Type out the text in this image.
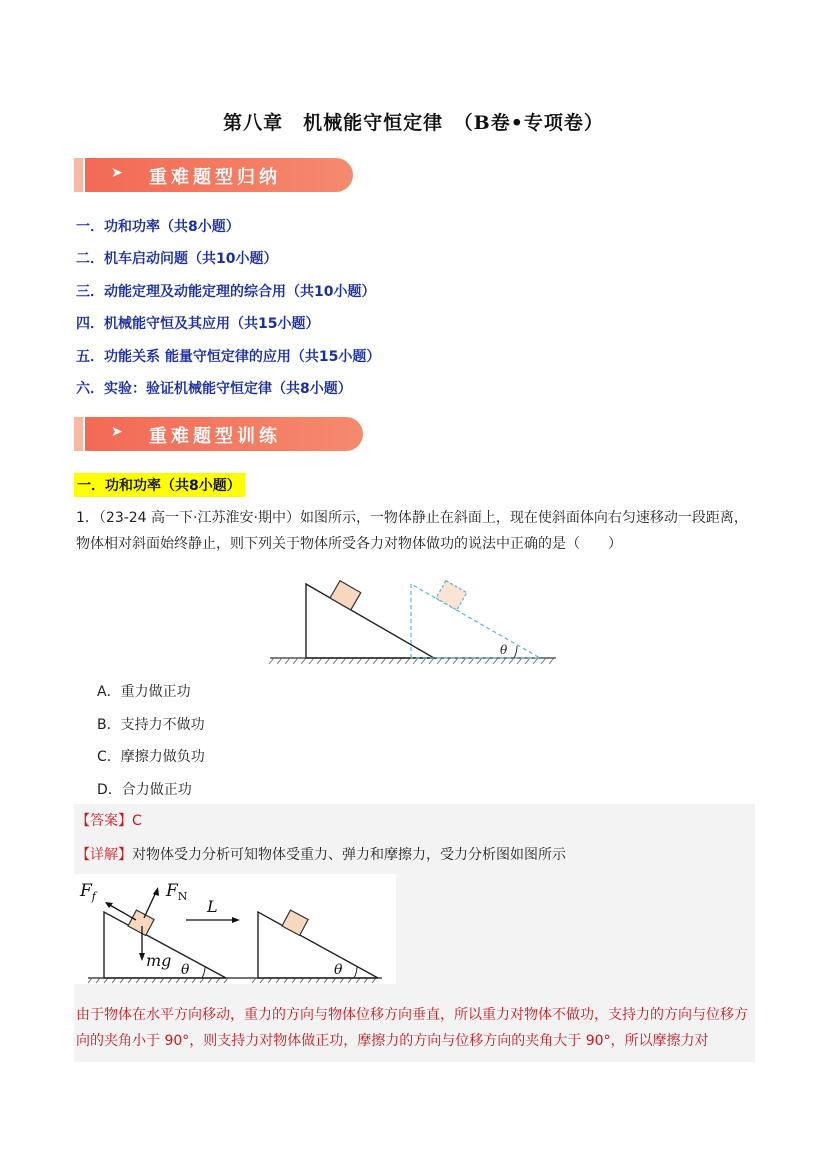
第八章　机械能守恒定律　（B卷•专项卷）
➤ 重难题型归纳
一．功和功率（共8小题）
二．机车启动问题（共10小题）
三．动能定理及动能定理的综合用（共10小题）
四．机械能守恒及其应用（共15小题）
五．功能关系 能量守恒定律的应用（共15小题）
六．实验：验证机械能守恒定律（共8小题）
➤ 重难题型训练
一．功和功率（共8小题）
1．（23-24 高一下·江苏淮安·期中）如图所示，一物体静止在斜面上，现在使斜面体向右匀速移动一段距离，物体相对斜面始终静止，则下列关于物体所受各力对物体做功的说法中正确的是（　　）
θ
A．重力做正功
B．支持力不做功
C．摩擦力做负功
D．合力做正功
【答案】C
【详解】对物体受力分析可知物体受重力、弹力和摩擦力，受力分析图如图所示
$F_f$	$F_N$
mg θ
L
θ
由于物体在水平方向移动，重力的方向与物体位移方向垂直，所以重力对物体不做功，支持力的方向与位移方向的夹角小于 90°，则支持力对物体做正功，摩擦力的方向与位移方向的夹角大于 90°，所以摩擦力对
